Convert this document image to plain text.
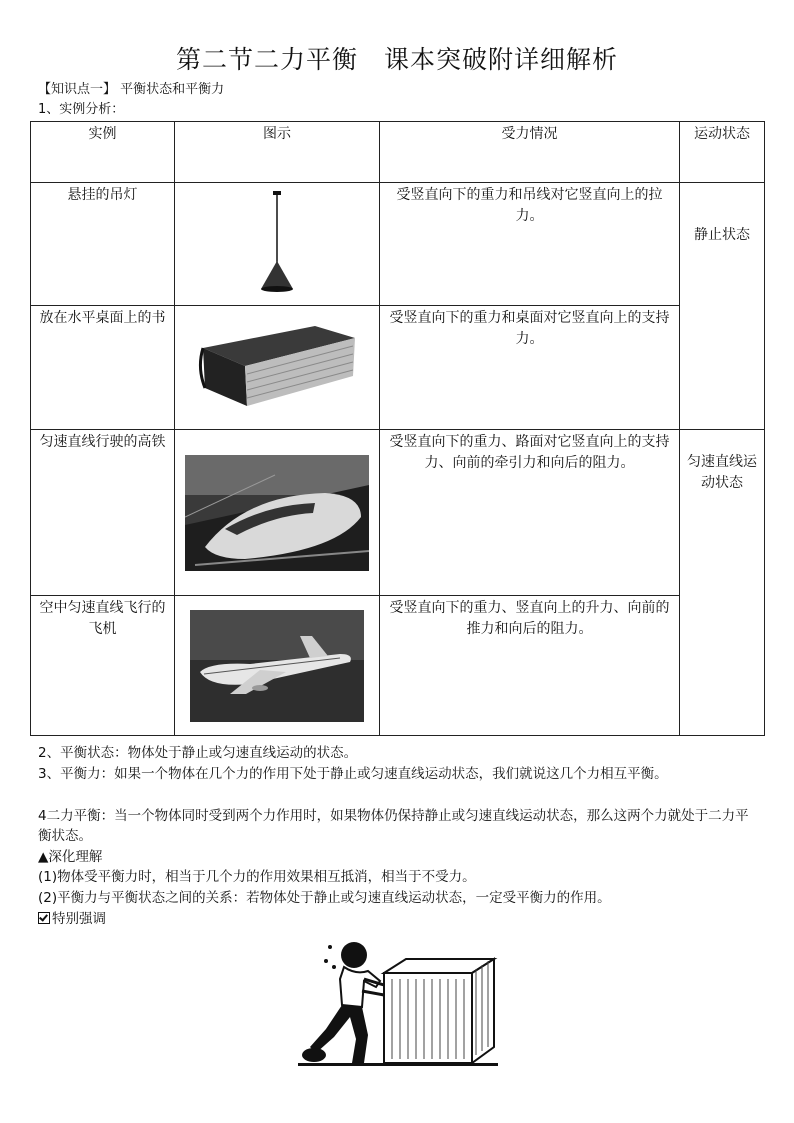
第二节二力平衡　课本突破附详细解析
【知识点一】 平衡状态和平衡力
1、实例分析：
实例	图示	受力情况	运动状态
悬挂的吊灯		受竖直向下的重力和吊线对它竖直向上的拉力。	静止状态

放在水平桌面上的书		受竖直向下的重力和桌面对它竖直向上的支持力。	
匀速直线行驶的高铁		受竖直向下的重力、路面对它竖直向上的支持力、向前的牵引力和向后的阻力。	匀速直线运动状态

空中匀速直线飞行的飞机		受竖直向下的重力、竖直向上的升力、向前的推力和向后的阻力。	
2、平衡状态：物体处于静止或匀速直线运动的状态。
3、平衡力：如果一个物体在几个力的作用下处于静止或匀速直线运动状态，我们就说这几个力相互平衡。
4二力平衡：当一个物体同时受到两个力作用时，如果物体仍保持静止或匀速直线运动状态，那么这两个力就处于二力平衡状态。
▲深化理解
(1)物体受平衡力时，相当于几个力的作用效果相互抵消，相当于不受力。
(2)平衡力与平衡状态之间的关系：若物体处于静止或匀速直线运动状态，一定受平衡力的作用。
特别强调
